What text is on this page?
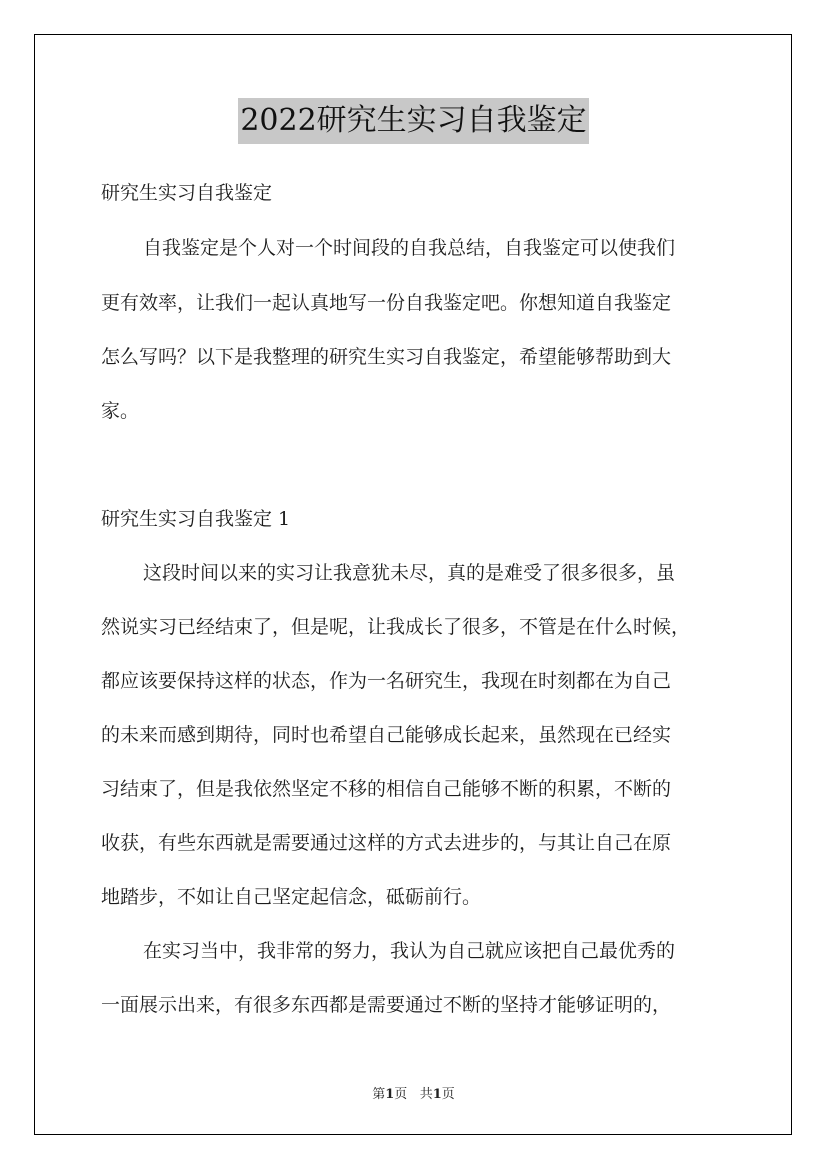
2022研究生实习自我鉴定
研究生实习自我鉴定
自我鉴定是个人对一个时间段的自我总结，自我鉴定可以使我们
更有效率，让我们一起认真地写一份自我鉴定吧。你想知道自我鉴定
怎么写吗？以下是我整理的研究生实习自我鉴定，希望能够帮助到大
家。
研究生实习自我鉴定 1
这段时间以来的实习让我意犹未尽，真的是难受了很多很多，虽
然说实习已经结束了，但是呢，让我成长了很多，不管是在什么时候，
都应该要保持这样的状态，作为一名研究生，我现在时刻都在为自己
的未来而感到期待，同时也希望自己能够成长起来，虽然现在已经实
习结束了，但是我依然坚定不移的相信自己能够不断的积累，不断的
收获，有些东西就是需要通过这样的方式去进步的，与其让自己在原
地踏步，不如让自己坚定起信念，砥砺前行。
在实习当中，我非常的努力，我认为自己就应该把自己最优秀的
一面展示出来，有很多东西都是需要通过不断的坚持才能够证明的，
第1页 共1页
